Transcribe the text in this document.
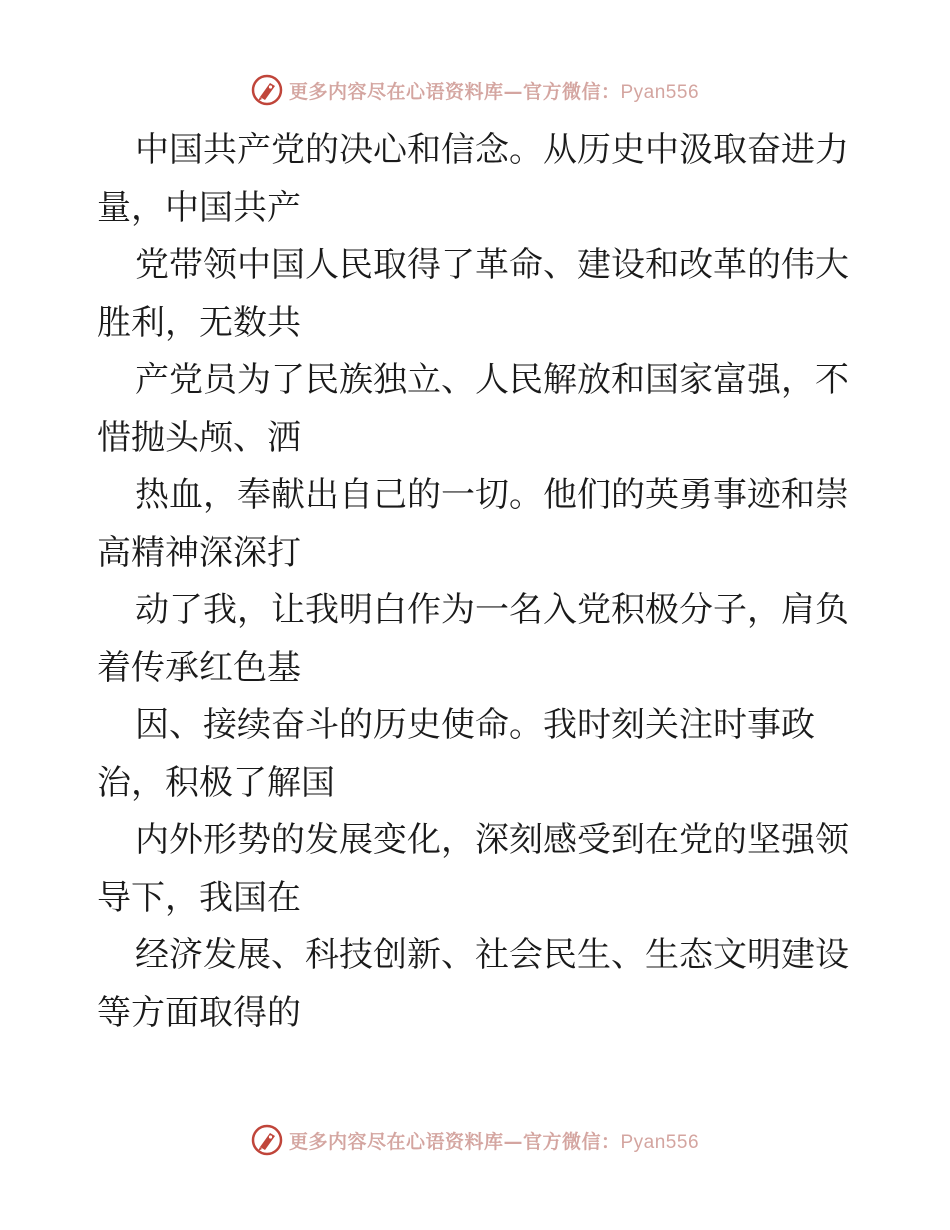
更多内容尽在心语资料库—官方微信：Pyan556

中国共产党的决心和信念。从历史中汲取奋进力
量，中国共产

党带领中国人民取得了革命、建设和改革的伟大
胜利，无数共

产党员为了民族独立、人民解放和国家富强，不
惜抛头颅、洒

热血，奉献出自己的一切。他们的英勇事迹和崇
高精神深深打

动了我，让我明白作为一名入党积极分子，肩负
着传承红色基

因、接续奋斗的历史使命。我时刻关注时事政
治，积极了解国

内外形势的发展变化，深刻感受到在党的坚强领
导下，我国在

经济发展、科技创新、社会民生、生态文明建设
等方面取得的

更多内容尽在心语资料库—官方微信：Pyan556
